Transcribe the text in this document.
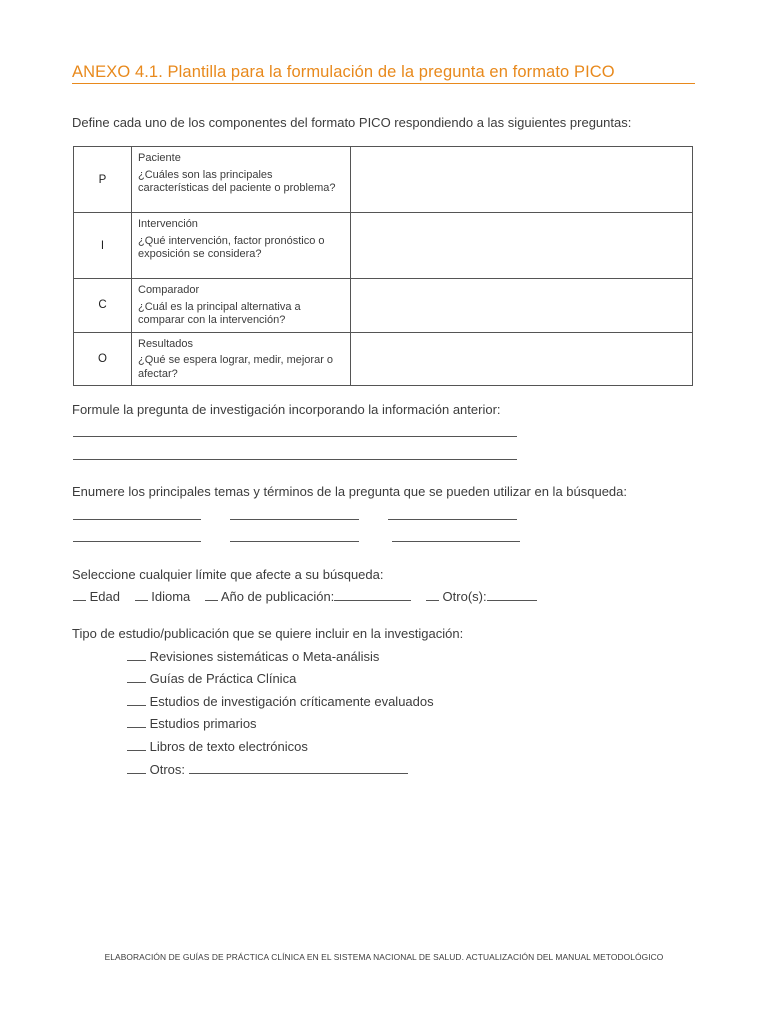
ANEXO 4.1. Plantilla para la formulación de la pregunta en formato PICO
Define cada uno de los componentes del formato PICO respondiendo a las siguientes preguntas:
P	Paciente
¿Cuáles son las principales características del paciente o problema?	

I	Intervención
¿Qué intervención, factor pronóstico o exposición se considera?	

C	Comparador
¿Cuál es la principal alternativa a comparar con la intervención?	

O	Resultados
¿Qué se espera lograr, medir, mejorar o afectar?	

Formule la pregunta de investigación incorporando la información anterior:
Enumere los principales temas y términos de la pregunta que se pueden utilizar en la búsqueda:
Seleccione cualquier límite que afecte a su búsqueda:
Edad Idioma Año de publicación:	Otro(s):
Tipo de estudio/publicación que se quiere incluir en la investigación:
Revisiones sistemáticas o Meta-análisis
Guías de Práctica Clínica
Estudios de investigación críticamente evaluados
Estudios primarios
Libros de texto electrónicos
Otros:
ELABORACIÓN DE GUÍAS DE PRÁCTICA CLÍNICA EN EL SISTEMA NACIONAL DE SALUD. ACTUALIZACIÓN DEL MANUAL METODOLÓGICO
